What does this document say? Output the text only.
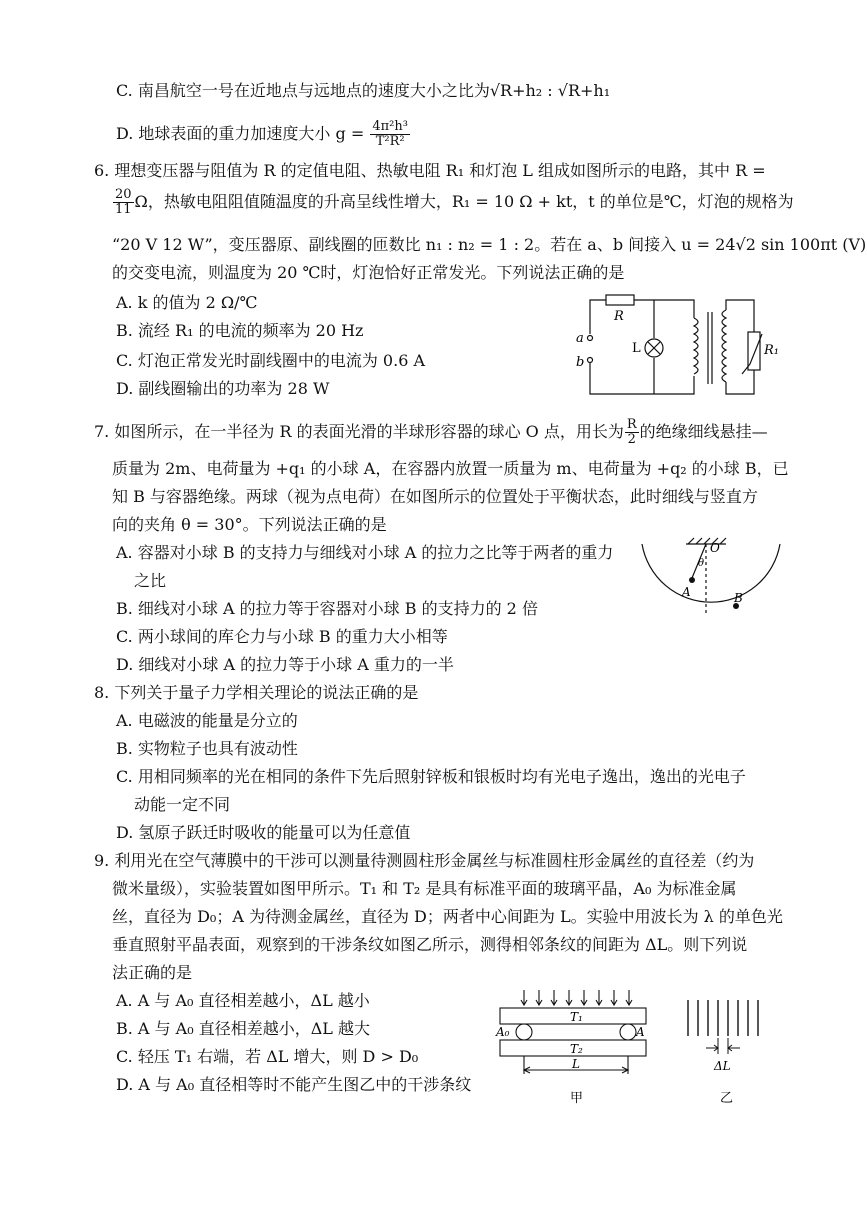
C. 南昌航空一号在近地点与远地点的速度大小之比为√R+h₂ : √R+h₁
D. 地球表面的重力加速度大小 $g = \frac{\text{4π²h³}}{\text{T²R²}}$
6. 理想变压器与阻值为 R 的定值电阻、热敏电阻 R₁ 和灯泡 L 组成如图所示的电路，其中 R =
$\frac{20}{11}$ Ω，热敏电阻阻值随温度的升高呈线性增大，R₁ = 10 Ω + kt，t 的单位是℃，灯泡的规格为
“20 V 12 W”，变压器原、副线圈的匝数比 n₁ : n₂ = 1 : 2。若在 a、b 间接入 u = 24√2 sin 100πt (V)
的交变电流，则温度为 20 ℃时，灯泡恰好正常发光。下列说法正确的是
A. k 的值为 2 Ω/℃
B. 流经 R₁ 的电流的频率为 20 Hz
C. 灯泡正常发光时副线圈中的电流为 0.6 A
D. 副线圈输出的功率为 28 W
R
L	R₁
a
b
7. 如图所示，在一半径为 R 的表面光滑的半球形容器的球心 O 点，用长为 $\frac{R}{2}$ 的绝缘细线悬挂—
质量为 2m、电荷量为 +q₁ 的小球 A，在容器内放置一质量为 m、电荷量为 +q₂ 的小球 B，已
知 B 与容器绝缘。两球（视为点电荷）在如图所示的位置处于平衡状态，此时细线与竖直方
向的夹角 θ = 30°。下列说法正确的是
A. 容器对小球 B 的支持力与细线对小球 A 的拉力之比等于两者的重力
之比
B. 细线对小球 A 的拉力等于容器对小球 B 的支持力的 2 倍
C. 两小球间的库仑力与小球 B 的重力大小相等
D. 细线对小球 A 的拉力等于小球 A 重力的一半
O
θ
A	B
8. 下列关于量子力学相关理论的说法正确的是
A. 电磁波的能量是分立的
B. 实物粒子也具有波动性
C. 用相同频率的光在相同的条件下先后照射锌板和银板时均有光电子逸出，逸出的光电子
动能一定不同
D. 氢原子跃迁时吸收的能量可以为任意值
9. 利用光在空气薄膜中的干涉可以测量待测圆柱形金属丝与标准圆柱形金属丝的直径差（约为
微米量级），实验装置如图甲所示。T₁ 和 T₂ 是具有标准平面的玻璃平晶，A₀ 为标准金属
丝，直径为 D₀；A 为待测金属丝，直径为 D；两者中心间距为 L。实验中用波长为 λ 的单色光
垂直照射平晶表面，观察到的干涉条纹如图乙所示，测得相邻条纹的间距为 ΔL。则下列说
法正确的是
A. A 与 A₀ 直径相差越小，ΔL 越小
B. A 与 A₀ 直径相差越小，ΔL 越大
C. 轻压 T₁ 右端，若 ΔL 增大，则 D > D₀
D. A 与 A₀ 直径相等时不能产生图乙中的干涉条纹
T₁
T₂
A₀	A
L
甲
ΔL
乙
